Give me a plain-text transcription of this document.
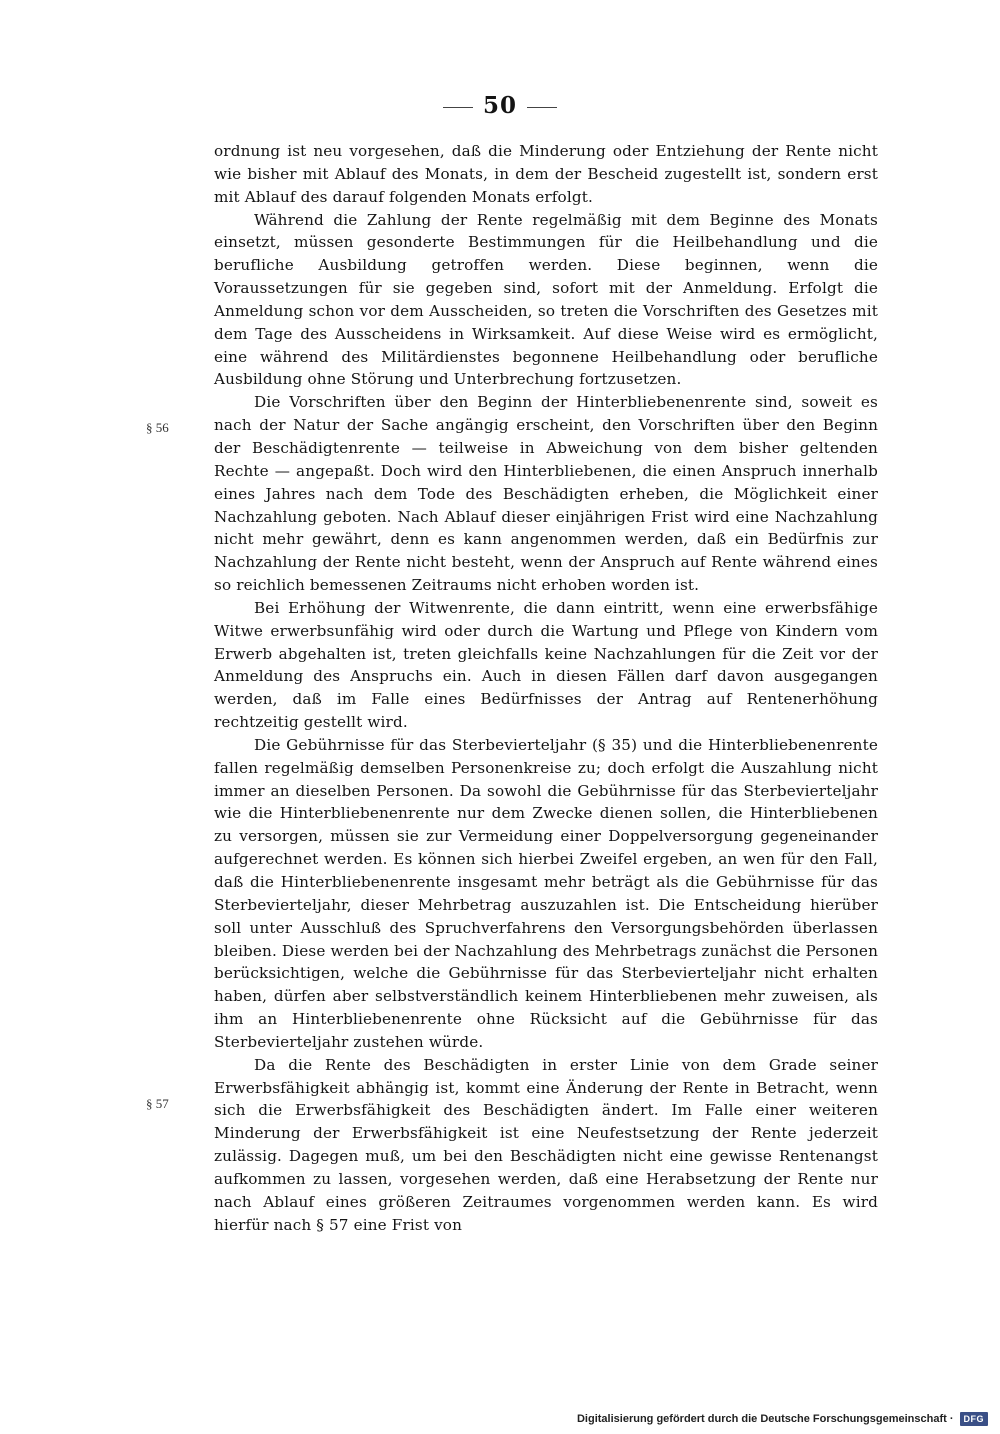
50
§ 56
§ 57

ordnung ist neu vorgesehen, daß die Minderung oder Entziehung der Rente nicht wie bisher mit Ablauf des Monats, in dem der Bescheid zugestellt ist, sondern erst mit Ablauf des darauf folgenden Monats erfolgt.

Während die Zahlung der Rente regelmäßig mit dem Beginne des Monats einsetzt, müssen gesonderte Bestimmungen für die Heilbehandlung und die berufliche Ausbildung getroffen werden. Diese beginnen, wenn die Voraussetzungen für sie gegeben sind, sofort mit der Anmeldung. Erfolgt die Anmeldung schon vor dem Ausscheiden, so treten die Vorschriften des Gesetzes mit dem Tage des Ausscheidens in Wirksamkeit. Auf diese Weise wird es ermöglicht, eine während des Militärdienstes begonnene Heilbehandlung oder berufliche Ausbildung ohne Störung und Unterbrechung fortzusetzen.

Die Vorschriften über den Beginn der Hinterbliebenenrente sind, soweit es nach der Natur der Sache angängig erscheint, den Vorschriften über den Beginn der Beschädigtenrente — teilweise in Abweichung von dem bisher geltenden Rechte — angepaßt. Doch wird den Hinterbliebenen, die einen Anspruch innerhalb eines Jahres nach dem Tode des Beschädigten erheben, die Möglichkeit einer Nachzahlung geboten. Nach Ablauf dieser einjährigen Frist wird eine Nachzahlung nicht mehr gewährt, denn es kann angenommen werden, daß ein Bedürfnis zur Nachzahlung der Rente nicht besteht, wenn der Anspruch auf Rente während eines so reichlich bemessenen Zeitraums nicht erhoben worden ist.

Bei Erhöhung der Witwenrente, die dann eintritt, wenn eine erwerbsfähige Witwe erwerbsunfähig wird oder durch die Wartung und Pflege von Kindern vom Erwerb abgehalten ist, treten gleichfalls keine Nachzahlungen für die Zeit vor der Anmeldung des Anspruchs ein. Auch in diesen Fällen darf davon ausgegangen werden, daß im Falle eines Bedürfnisses der Antrag auf Rentenerhöhung rechtzeitig gestellt wird.

Die Gebührnisse für das Sterbevierteljahr (§ 35) und die Hinterbliebenenrente fallen regelmäßig demselben Personenkreise zu; doch erfolgt die Auszahlung nicht immer an dieselben Personen. Da sowohl die Gebührnisse für das Sterbevierteljahr wie die Hinterbliebenenrente nur dem Zwecke dienen sollen, die Hinterbliebenen zu versorgen, müssen sie zur Vermeidung einer Doppelversorgung gegeneinander aufgerechnet werden. Es können sich hierbei Zweifel ergeben, an wen für den Fall, daß die Hinterbliebenenrente insgesamt mehr beträgt als die Gebührnisse für das Sterbevierteljahr, dieser Mehrbetrag auszuzahlen ist. Die Entscheidung hierüber soll unter Ausschluß des Spruchverfahrens den Versorgungsbehörden überlassen bleiben. Diese werden bei der Nachzahlung des Mehrbetrags zunächst die Personen berücksichtigen, welche die Gebührnisse für das Sterbevierteljahr nicht erhalten haben, dürfen aber selbstverständlich keinem Hinterbliebenen mehr zuweisen, als ihm an Hinterbliebenenrente ohne Rücksicht auf die Gebührnisse für das Sterbevierteljahr zustehen würde.

Da die Rente des Beschädigten in erster Linie von dem Grade seiner Erwerbsfähigkeit abhängig ist, kommt eine Änderung der Rente in Betracht, wenn sich die Erwerbsfähigkeit des Beschädigten ändert. Im Falle einer weiteren Minderung der Erwerbsfähigkeit ist eine Neufestsetzung der Rente jederzeit zulässig. Dagegen muß, um bei den Beschädigten nicht eine gewisse Rentenangst aufkommen zu lassen, vorgesehen werden, daß eine Herabsetzung der Rente nur nach Ablauf eines größeren Zeitraumes vorgenommen werden kann. Es wird hierfür nach § 57 eine Frist von

Digitalisierung gefördert durch die Deutsche Forschungsgemeinschaft ·	DFG
